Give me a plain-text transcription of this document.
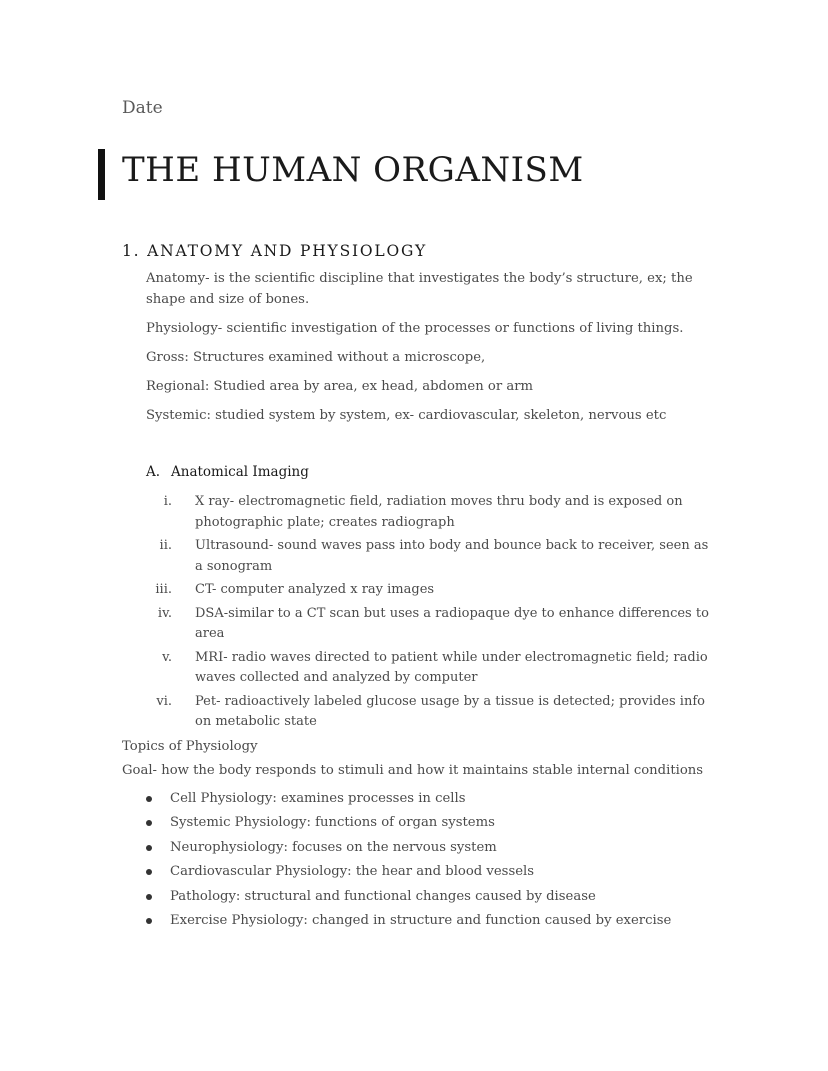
Date
THE HUMAN ORGANISM
1. ANATOMY AND PHYSIOLOGY
Anatomy- is the scientific discipline that investigates the body’s structure, ex; the shape and size of bones.
Physiology- scientific investigation of the processes or functions of living things.
Gross: Structures examined without a microscope,
Regional: Studied area by area, ex head, abdomen or arm
Systemic: studied system by system, ex- cardiovascular, skeleton, nervous etc
A. Anatomical Imaging
i. X ray- electromagnetic field, radiation moves thru body and is exposed on photographic plate; creates radiograph
ii. Ultrasound- sound waves pass into body and bounce back to receiver, seen as a sonogram
iii. CT- computer analyzed x ray images
iv. DSA-similar to a CT scan but uses a radiopaque dye to enhance differences to area
v. MRI- radio waves directed to patient while under electromagnetic field; radio waves collected and analyzed by computer
vi. Pet- radioactively labeled glucose usage by a tissue is detected; provides info on metabolic state
Topics of Physiology
Goal- how the body responds to stimuli and how it maintains stable internal conditions
Cell Physiology: examines processes in cells
Systemic Physiology: functions of organ systems
Neurophysiology: focuses on the nervous system
Cardiovascular Physiology: the hear and blood vessels
Pathology: structural and functional changes caused by disease
Exercise Physiology: changed in structure and function caused by exercise
